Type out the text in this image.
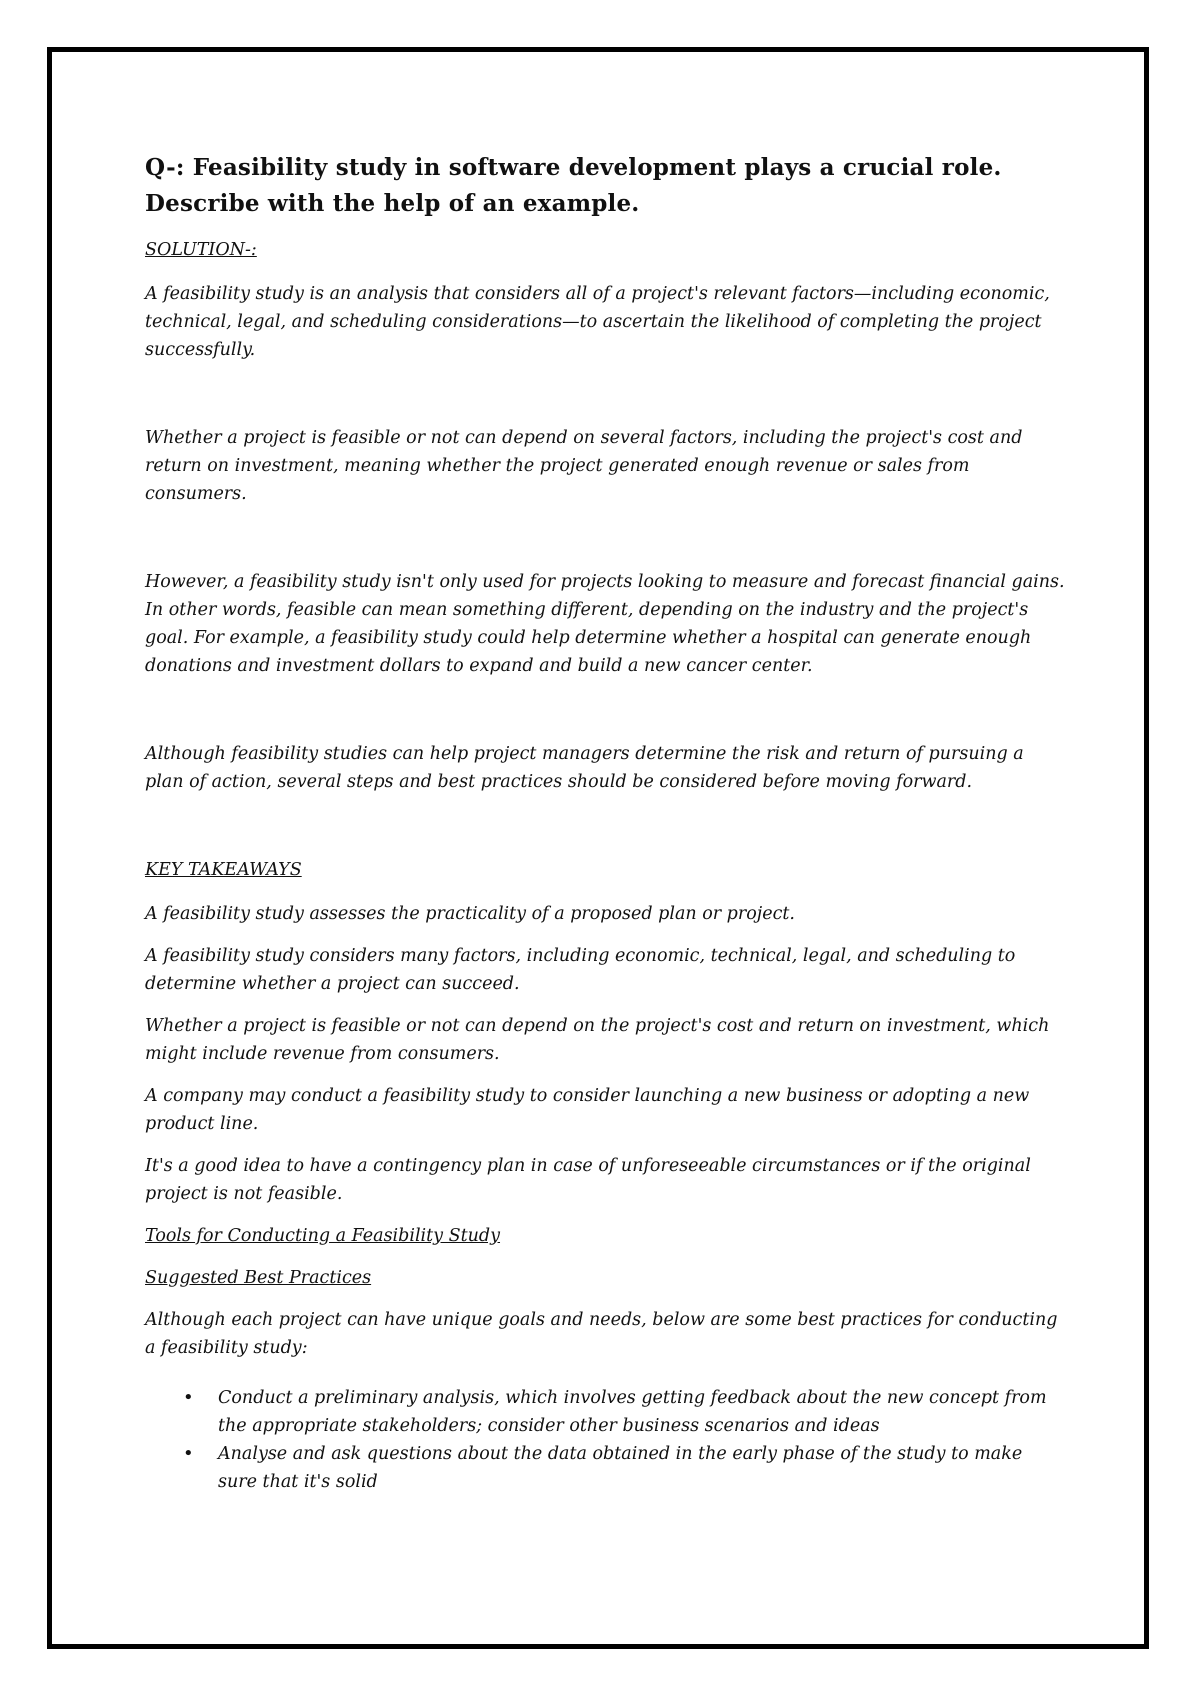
Q-: Feasibility study in software development plays a crucial role. Describe with the help of an example.

SOLUTION-:

A feasibility study is an analysis that considers all of a project's relevant factors—including economic, technical, legal, and scheduling considerations—to ascertain the likelihood of completing the project successfully.

Whether a project is feasible or not can depend on several factors, including the project's cost and return on investment, meaning whether the project generated enough revenue or sales from consumers.

However, a feasibility study isn't only used for projects looking to measure and forecast financial gains. In other words, feasible can mean something different, depending on the industry and the project's goal. For example, a feasibility study could help determine whether a hospital can generate enough donations and investment dollars to expand and build a new cancer center.

Although feasibility studies can help project managers determine the risk and return of pursuing a plan of action, several steps and best practices should be considered before moving forward.

KEY TAKEAWAYS

A feasibility study assesses the practicality of a proposed plan or project.

A feasibility study considers many factors, including economic, technical, legal, and scheduling to determine whether a project can succeed.

Whether a project is feasible or not can depend on the project's cost and return on investment, which might include revenue from consumers.

A company may conduct a feasibility study to consider launching a new business or adopting a new product line.

It's a good idea to have a contingency plan in case of unforeseeable circumstances or if the original project is not feasible.

Tools for Conducting a Feasibility Study

Suggested Best Practices

Although each project can have unique goals and needs, below are some best practices for conducting a feasibility study:

• Conduct a preliminary analysis, which involves getting feedback about the new concept from the appropriate stakeholders; consider other business scenarios and ideas
• Analyse and ask questions about the data obtained in the early phase of the study to make sure that it's solid
